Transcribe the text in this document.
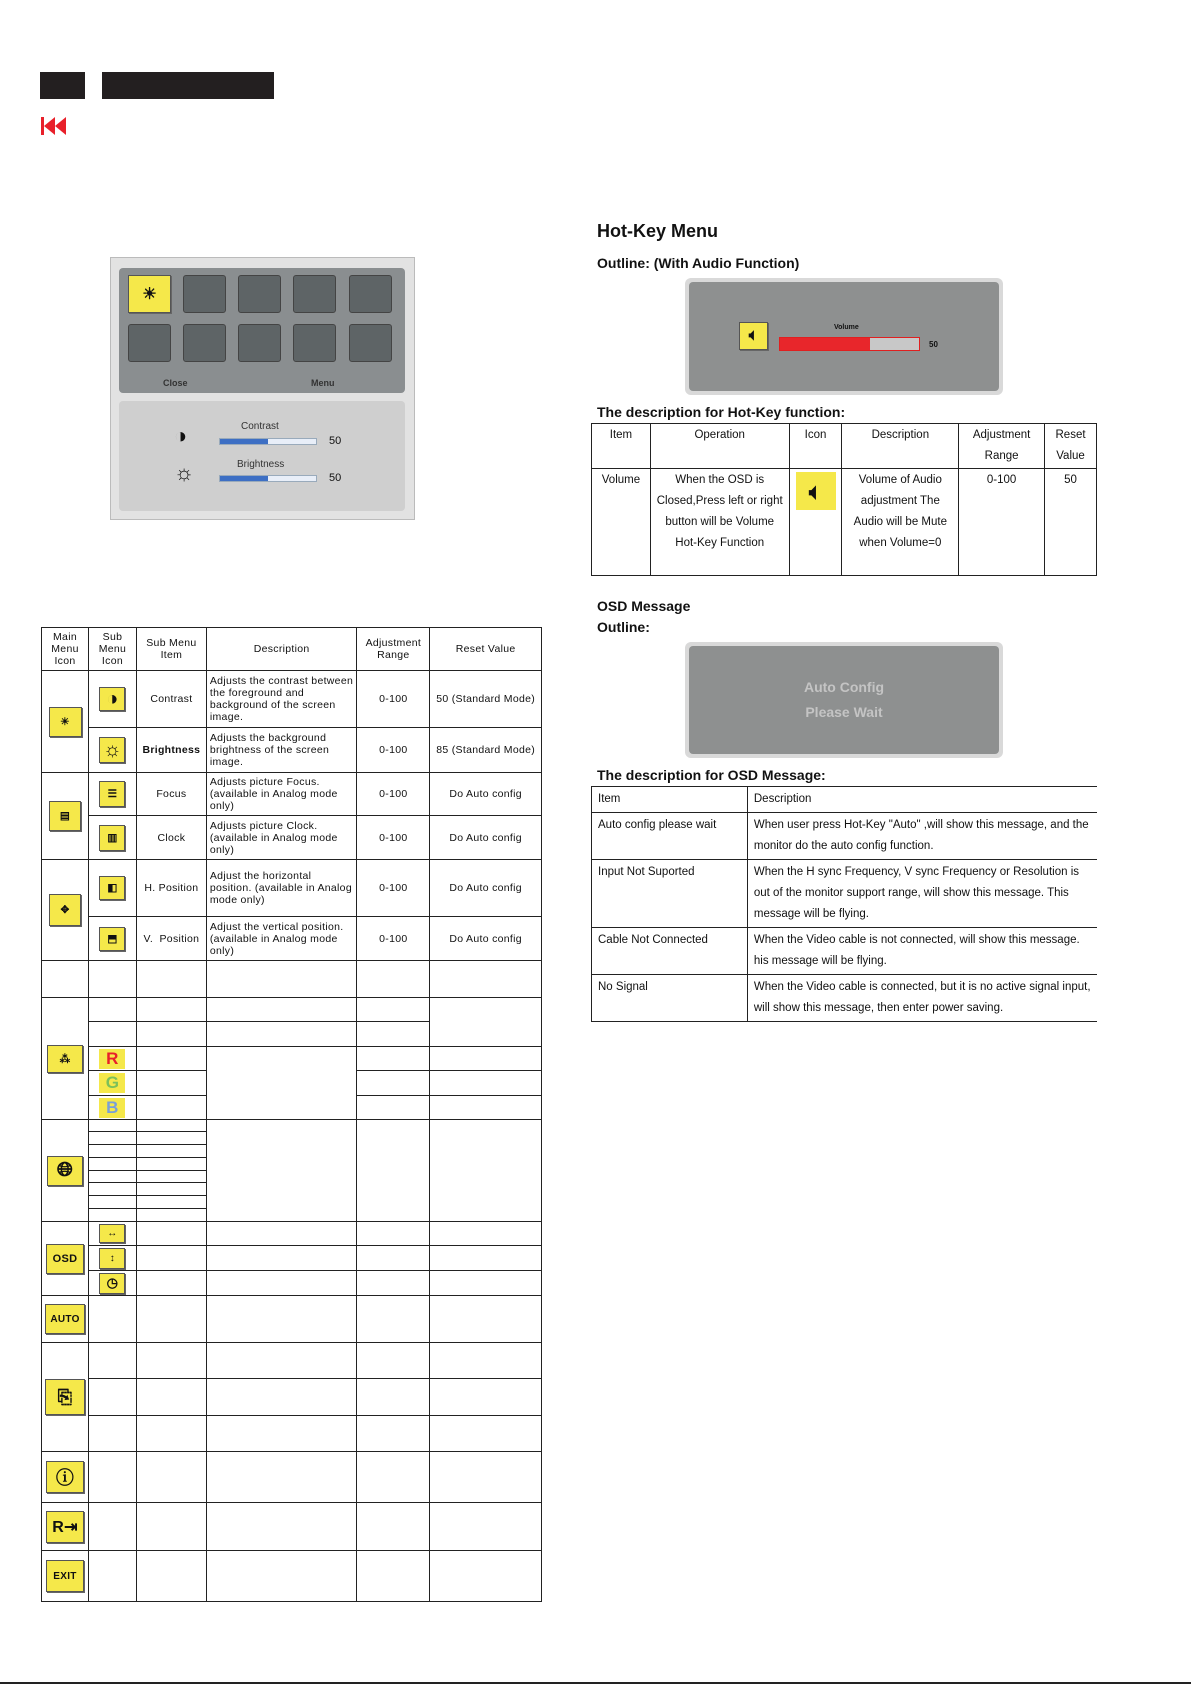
☀
Close	Menu
◑	Contrast
50
☼	Brightness
50
Main Menu Icon	Sub Menu Icon	Sub Menu Item	Description	Adjustment Range	Reset Value

☀	◑	Contrast	Adjusts the contrast between the foreground and background of the screen image.	0-100	50 (Standard Mode)

☼	Brightness	Adjusts the background brightness of the screen image.	0-100	85 (Standard Mode)

▤	☰	Focus	Adjusts picture Focus. (available in Analog mode only)	0-100	Do Auto config

▥	Clock	Adjusts picture Clock. (available in Analog mode only)	0-100	Do Auto config

✥	◧	H. Position	Adjust the horizontal position. (available in Analog mode only)	0-100	Do Auto config

⬒	V.  Position	Adjust the vertical position. (available in Analog mode only)	0-100	Do Auto config

⁂					

R				

G				

B				

🌐︎					

OSD	↔				

↕				

◷				

AUTO					

⎘					

ⓘ					

R⇥					

EXIT					

Hot-Key Menu
Outline: (With Audio Function)
🔈︎	Volume
50
The description for Hot-Key function:
Item	Operation	Icon	Description	Adjustment Range	Reset Value
Volume	When the OSD is Closed,Press left or right button will be Volume Hot-Key Function	🔈︎	Volume of Audio adjustment The Audio will be Mute when Volume=0	0-100	50
OSD Message
Outline:
Auto Config
Please Wait
The description for OSD Message:
Item	Description
Auto config please wait	When user press Hot-Key "Auto" ,will show this message, and the monitor do the auto config function.
Input Not Suported	When the H sync Frequency, V sync Frequency or Resolution is out of the monitor support range, will show this message. This message will be flying.
Cable Not Connected	When the Video cable is not connected, will show this message. his message will be flying.
No Signal	When the Video cable is connected, but it is no active signal input, will show this message, then enter power saving.
